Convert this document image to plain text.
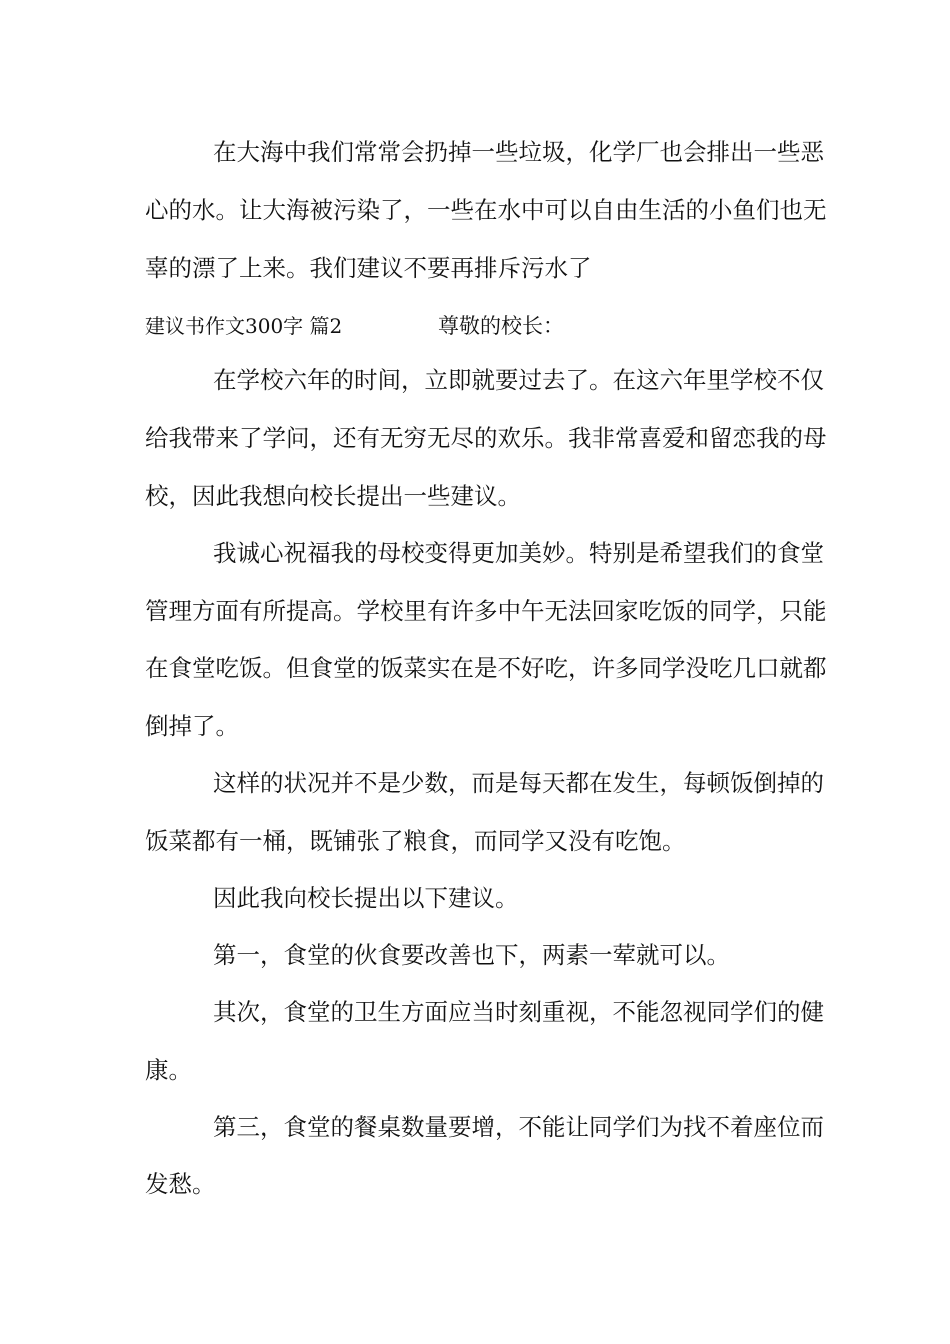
在大海中我们常常会扔掉一些垃圾，化学厂也会排出一些恶
心的水。让大海被污染了，一些在水中可以自由生活的小鱼们也无
辜的漂了上来。我们建议不要再排斥污水了
建议书作文300字 篇2	尊敬的校长：
在学校六年的时间，立即就要过去了。在这六年里学校不仅
给我带来了学问，还有无穷无尽的欢乐。我非常喜爱和留恋我的母
校，因此我想向校长提出一些建议。
我诚心祝福我的母校变得更加美妙。特别是希望我们的食堂
管理方面有所提高。学校里有许多中午无法回家吃饭的同学，只能
在食堂吃饭。但食堂的饭菜实在是不好吃，许多同学没吃几口就都
倒掉了。
这样的状况并不是少数，而是每天都在发生，每顿饭倒掉的
饭菜都有一桶，既铺张了粮食，而同学又没有吃饱。
因此我向校长提出以下建议。
第一，食堂的伙食要改善也下，两素一荤就可以。
其次，食堂的卫生方面应当时刻重视，不能忽视同学们的健
康。
第三，食堂的餐桌数量要增，不能让同学们为找不着座位而
发愁。
